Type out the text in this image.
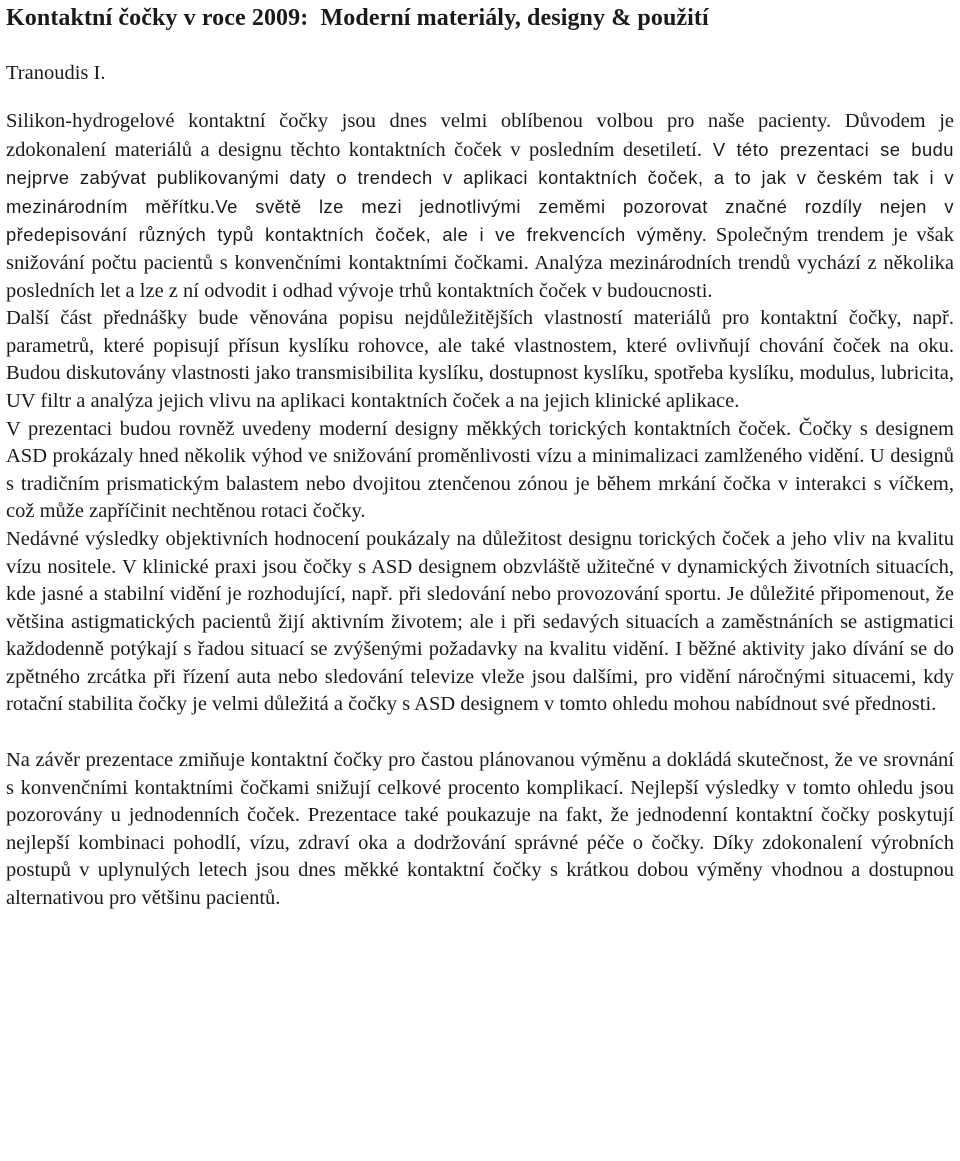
Kontaktní čočky v roce 2009:  Moderní materiály, designy & použití

Tranoudis I.

Silikon-hydrogelové kontaktní čočky jsou dnes velmi oblíbenou volbou pro naše pacienty. Důvodem je zdokonalení materiálů a designu těchto kontaktních čoček v posledním desetiletí. V této prezentaci se budu nejprve zabývat publikovanými daty o trendech v aplikaci kontaktních čoček, a to jak v českém tak i v mezinárodním měřítku.Ve světě lze mezi jednotlivými zeměmi pozorovat značné rozdíly nejen v předepisování různých typů kontaktních čoček, ale i ve frekvencích výměny. Společným trendem je však snižování počtu pacientů s konvenčními kontaktními čočkami. Analýza mezinárodních trendů vychází z několika posledních let a lze z ní odvodit i odhad vývoje trhů kontaktních čoček v budoucnosti.

Další část přednášky bude věnována popisu nejdůležitějších vlastností materiálů pro kontaktní čočky, např. parametrů, které popisují přísun kyslíku rohovce, ale také vlastnostem, které ovlivňují chování čoček na oku. Budou diskutovány vlastnosti jako transmisibilita kyslíku, dostupnost kyslíku, spotřeba kyslíku, modulus, lubricita, UV filtr a analýza jejich vlivu na aplikaci kontaktních čoček a na jejich klinické aplikace.

V prezentaci budou rovněž uvedeny moderní designy měkkých torických kontaktních čoček. Čočky s designem ASD prokázaly hned několik výhod ve snižování proměnlivosti vízu a minimalizaci zamlženého vidění. U designů s tradičním prismatickým balastem nebo dvojitou ztenčenou zónou je během mrkání čočka v interakci s víčkem, což může zapříčinit nechtěnou rotaci čočky.

Nedávné výsledky objektivních hodnocení poukázaly na důležitost designu torických čoček a jeho vliv na kvalitu vízu nositele. V klinické praxi jsou čočky s ASD designem obzvláště užitečné v dynamických životních situacích, kde jasné a stabilní vidění je rozhodující, např. při sledování nebo provozování sportu. Je důležité připomenout, že většina astigmatických pacientů žijí aktivním životem; ale i při sedavých situacích a zaměstnáních se astigmatici každodenně potýkají s řadou situací se zvýšenými požadavky na kvalitu vidění. I běžné aktivity jako dívání se do zpětného zrcátka při řízení auta nebo sledování televize vleže jsou dalšími, pro vidění náročnými situacemi, kdy rotační stabilita čočky je velmi důležitá a čočky s ASD designem v tomto ohledu mohou nabídnout své přednosti.

Na závěr prezentace zmiňuje kontaktní čočky pro častou plánovanou výměnu a dokládá skutečnost, že ve srovnání s konvenčními kontaktními čočkami snižují celkové procento komplikací. Nejlepší výsledky v tomto ohledu jsou pozorovány u jednodenních čoček. Prezentace také poukazuje na fakt, že jednodenní kontaktní čočky poskytují nejlepší kombinaci pohodlí, vízu, zdraví oka a dodržování správné péče o čočky. Díky zdokonalení výrobních postupů v uplynulých letech jsou dnes měkké kontaktní čočky s krátkou dobou výměny vhodnou a dostupnou alternativou pro většinu pacientů.
